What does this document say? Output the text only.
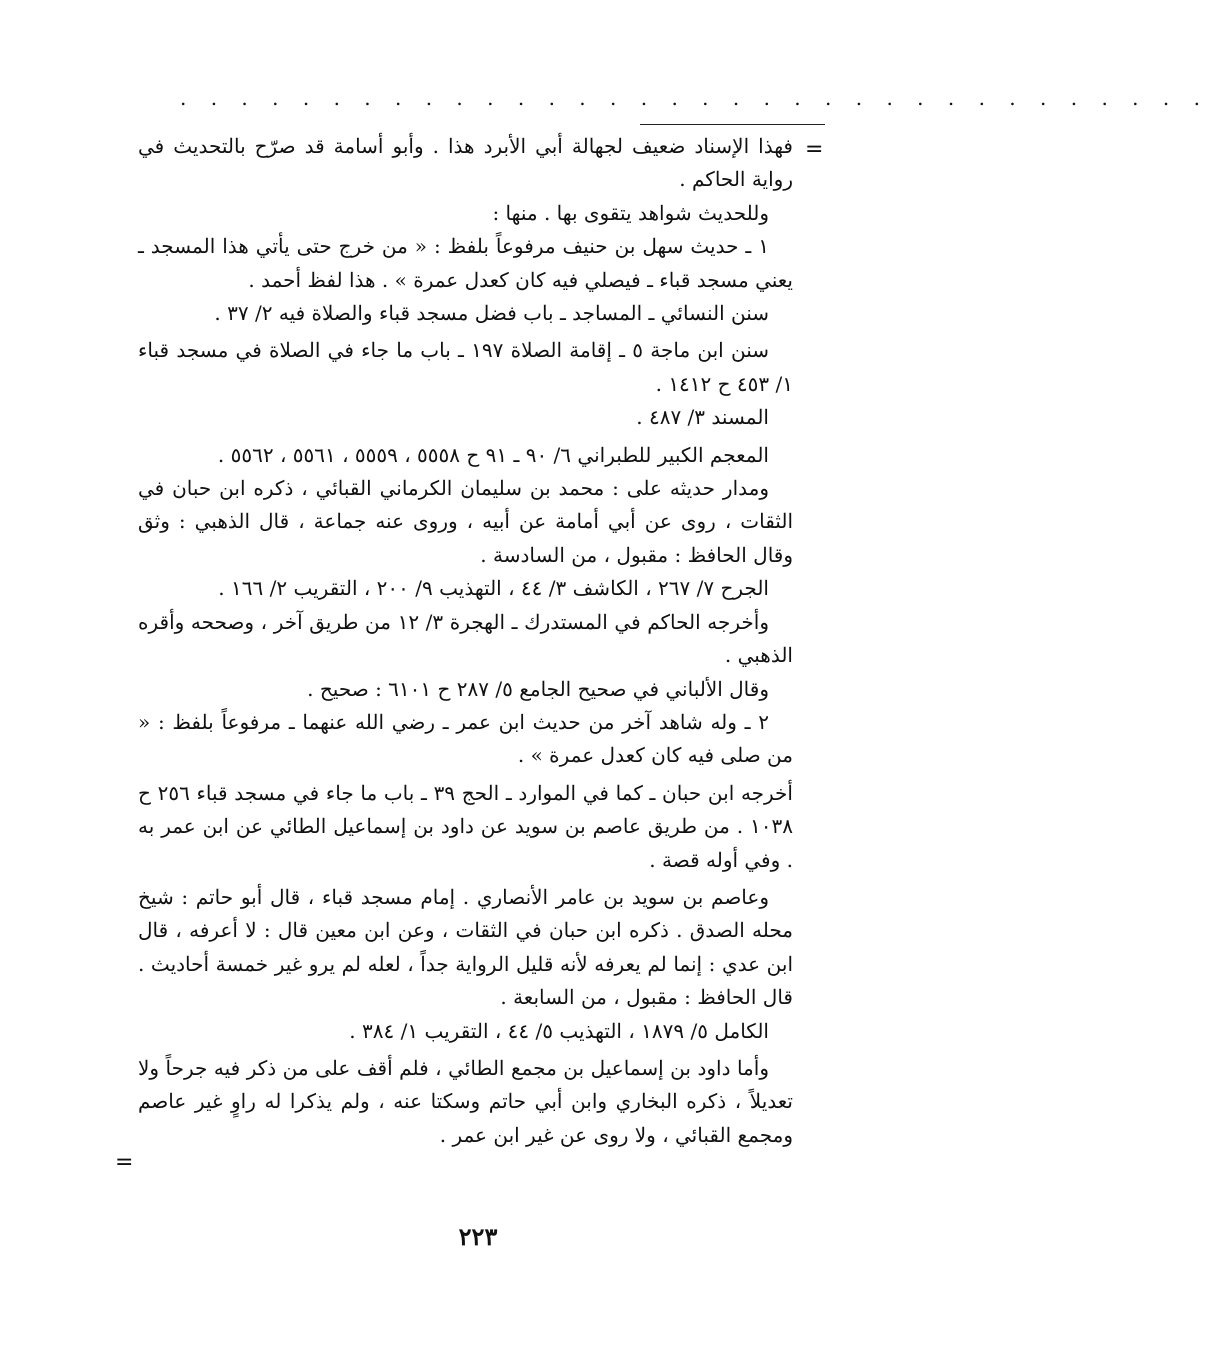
. . . . . . . . . . . . . . . . . . . . . . . . . . . . . . . . . .
=

فهذا الإسناد ضعيف لجهالة أبي الأبرد هذا . وأبو أسامة قد صرّح بالتحديث في رواية الحاكم .

وللحديث شواهد يتقوى بها . منها :

١ ـ حديث سهل بن حنيف مرفوعاً بلفظ : « من خرج حتى يأتي هذا المسجد ـ يعني مسجد قباء ـ فيصلي فيه كان كعدل عمرة » . هذا لفظ أحمد .

سنن النسائي ـ المساجد ـ باب فضل مسجد قباء والصلاة فيه ٢/ ٣٧ .

سنن ابن ماجة ٥ ـ إقامة الصلاة ١٩٧ ـ باب ما جاء في الصلاة في مسجد قباء ١/ ٤٥٣ ح ١٤١٢ .

المسند ٣/ ٤٨٧ .

المعجم الكبير للطبراني ٦/ ٩٠ ـ ٩١ ح ٥٥٥٨ ، ٥٥٥٩ ، ٥٥٦١ ، ٥٥٦٢ .

ومدار حديثه على : محمد بن سليمان الكرماني القبائي ، ذكره ابن حبان في الثقات ، روى عن أبي أمامة عن أبيه ، وروى عنه جماعة ، قال الذهبي : وثق وقال الحافظ : مقبول ، من السادسة .

الجرح ٧/ ٢٦٧ ، الكاشف ٣/ ٤٤ ، التهذيب ٩/ ٢٠٠ ، التقريب ٢/ ١٦٦ .

وأخرجه الحاكم في المستدرك ـ الهجرة ٣/ ١٢ من طريق آخر ، وصححه وأقره الذهبي .

وقال الألباني في صحيح الجامع ٥/ ٢٨٧ ح ٦١٠١ : صحيح .

٢ ـ وله شاهد آخر من حديث ابن عمر ـ رضي الله عنهما ـ مرفوعاً بلفظ : « من صلى فيه كان كعدل عمرة » .

أخرجه ابن حبان ـ كما في الموارد ـ الحج ٣٩ ـ باب ما جاء في مسجد قباء ٢٥٦ ح ١٠٣٨ . من طريق عاصم بن سويد عن داود بن إسماعيل الطائي عن ابن عمر به . وفي أوله قصة .

وعاصم بن سويد بن عامر الأنصاري . إمام مسجد قباء ، قال أبو حاتم : شيخ محله الصدق . ذكره ابن حبان في الثقات ، وعن ابن معين قال : لا أعرفه ، قال ابن عدي : إنما لم يعرفه لأنه قليل الرواية جداً ، لعله لم يرو غير خمسة أحاديث . قال الحافظ : مقبول ، من السابعة .

الكامل ٥/ ١٨٧٩ ، التهذيب ٥/ ٤٤ ، التقريب ١/ ٣٨٤ .

وأما داود بن إسماعيل بن مجمع الطائي ، فلم أقف على من ذكر فيه جرحاً ولا تعديلاً ، ذكره البخاري وابن أبي حاتم وسكتا عنه ، ولم يذكرا له راوٍ غير عاصم ومجمع القبائي ، ولا روى عن غير ابن عمر .

=
٢٢٣
